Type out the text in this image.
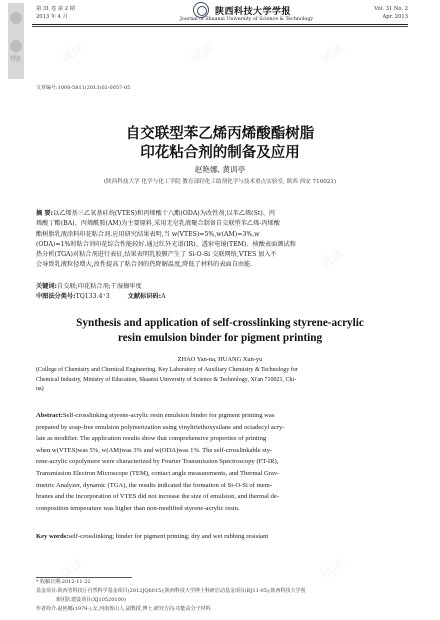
陕西科技大学学报
第 31 卷 第 2 期
2013 年 4 月	陕西科技大学学报
Journal of Shaanxi University of Science & Technology
Vol. 31 No. 2
Apr. 2013
文章编号:1000-5811(2013)02-0057-05
自交联型苯乙烯丙烯酸酯树脂
印花粘合剂的制备及应用
赵艳娜, 黄训亭
(陕西科技大学 化学与化工学院 教育部轻化工助剂化学与技术重点实验室, 陕西 西安 710021)
摘 要:以乙烯基三乙氧基硅烷(VTES)和丙烯酸十八酯(ODA)为改性剂,以苯乙烯(St)、丙
烯酸丁酯(BA)、丙烯酰胺(AM)为主要原料,采用无皂乳液聚合制备自交联型苯乙烯-丙烯酸
酯树脂乳液涂料印花粘合剂.应用研究结果表明,当 w(VTES)=5%,w(AM)=3%,w
(ODA)=1%时粘合剂印花综合性能较好.通过红外光谱(IR)、透射电镜(TEM)、核酸表面测试和
热分析(TGA)对粘合剂进行表征,结果表明乳胶膜产生了 Si-O-Si 交联网络,VTES 加入不
会导致乳液粒径增大,改性提高了粘合剂的热降解温度,降低了材料的表面自由能.
关键词:自交联;印花粘合剂;干湿擦牢度
中图法分类号:TQ133.4⁺3	文献标识码:A
Synthesis and application of self-crosslinking styrene-acrylic
resin emulsion binder for pigment printing
ZHAO Yan-na, HUANG Xun-yu
(College of Chemistry and Chemical Engineering, Key Laboratory of Auxiliary Chemistry & Technology for
Chemical Industry, Ministry of Education, Shaanxi University of Science & Technology, Xi'an 710021, Chi-
na)
Abstract:Self-crosslinking styrene-acrylic resin emulsion binder for pigment printing was
prepared by soap-free emulsion polymerization using vinyltriethoxysilane and octadecyl acry-
late as modifier. The application results show that comprehensive properties of printing
when w(VTES)was 5%, w(AM)was 3% and w(ODA)was 1%. The self-crosslinkable sty-
rene-acrylic copolymere were characterized by Fourier Transmission Spectroscopy (FT-IR),
Transmission Electron Microscope (TEM), contact angle measurements, and Thermal Grav-
imetric Analyzer, dynamic (TGA), the results indicated the formation of Si-O-Si of mem-
branes and the incorporation of VTES did not increase the size of emulsion, and thermal de-
composition temperature was higher than non-modified styrene-acrylic resin.
Key words:self-crosslinking; binder for pigment printing; dry and wet rubbing resistant
* 收稿日期:2012-11-22
基金项目:陕西省科技厅自然科学基金项目(2012JQ6015);陕西科技大学博士科研启动基金项目(BJ11-05);陕西科技大学创
新团队建设项目(XJ10520100)
作者简介:赵艳娜(1979-),女,河南鲁山人,副教授,博士,研究方向:功能高分子材料
试读	试读	试读
试读	试读
试读
试读	试读
